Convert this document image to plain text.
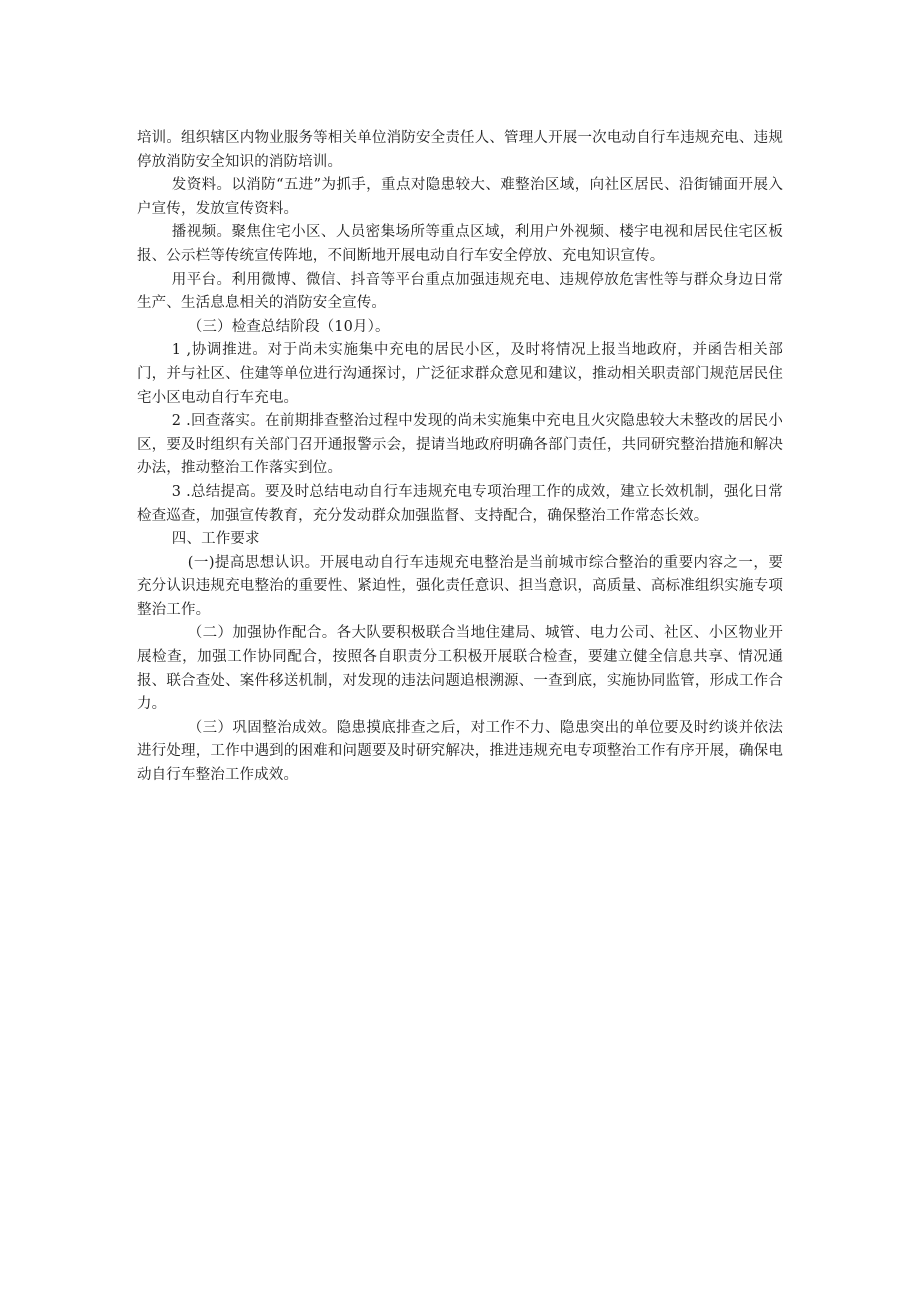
培训。组织辖区内物业服务等相关单位消防安全责任人、管理人开展一次电动自行车违规充电、违规停放消防安全知识的消防培训。

发资料。以消防“五进”为抓手，重点对隐患较大、难整治区域，向社区居民、沿街铺面开展入户宣传，发放宣传资料。

播视频。聚焦住宅小区、人员密集场所等重点区域，利用户外视频、楼宇电视和居民住宅区板报、公示栏等传统宣传阵地，不间断地开展电动自行车安全停放、充电知识宣传。

用平台。利用微博、微信、抖音等平台重点加强违规充电、违规停放危害性等与群众身边日常生产、生活息息相关的消防安全宣传。

（三）检查总结阶段（10月）。

1 ,协调推进。对于尚未实施集中充电的居民小区，及时将情况上报当地政府，并函告相关部门，并与社区、住建等单位进行沟通探讨，广泛征求群众意见和建议，推动相关职责部门规范居民住宅小区电动自行车充电。

2 .回查落实。在前期排查整治过程中发现的尚未实施集中充电且火灾隐患较大未整改的居民小区，要及时组织有关部门召开通报警示会，提请当地政府明确各部门责任，共同研究整治措施和解决办法，推动整治工作落实到位。

3 .总结提高。要及时总结电动自行车违规充电专项治理工作的成效，建立长效机制，强化日常检查巡查，加强宣传教育，充分发动群众加强监督、支持配合，确保整治工作常态长效。

四、工作要求

(一)提高思想认识。开展电动自行车违规充电整治是当前城市综合整治的重要内容之一，要充分认识违规充电整治的重要性、紧迫性，强化责任意识、担当意识，高质量、高标准组织实施专项整治工作。

（二）加强协作配合。各大队要积极联合当地住建局、城管、电力公司、社区、小区物业开展检查，加强工作协同配合，按照各自职责分工积极开展联合检查，要建立健全信息共享、情况通报、联合查处、案件移送机制，对发现的违法问题追根溯源、一查到底，实施协同监管，形成工作合力。

（三）巩固整治成效。隐患摸底排查之后，对工作不力、隐患突出的单位要及时约谈并依法进行处理，工作中遇到的困难和问题要及时研究解决，推进违规充电专项整治工作有序开展，确保电动自行车整治工作成效。
